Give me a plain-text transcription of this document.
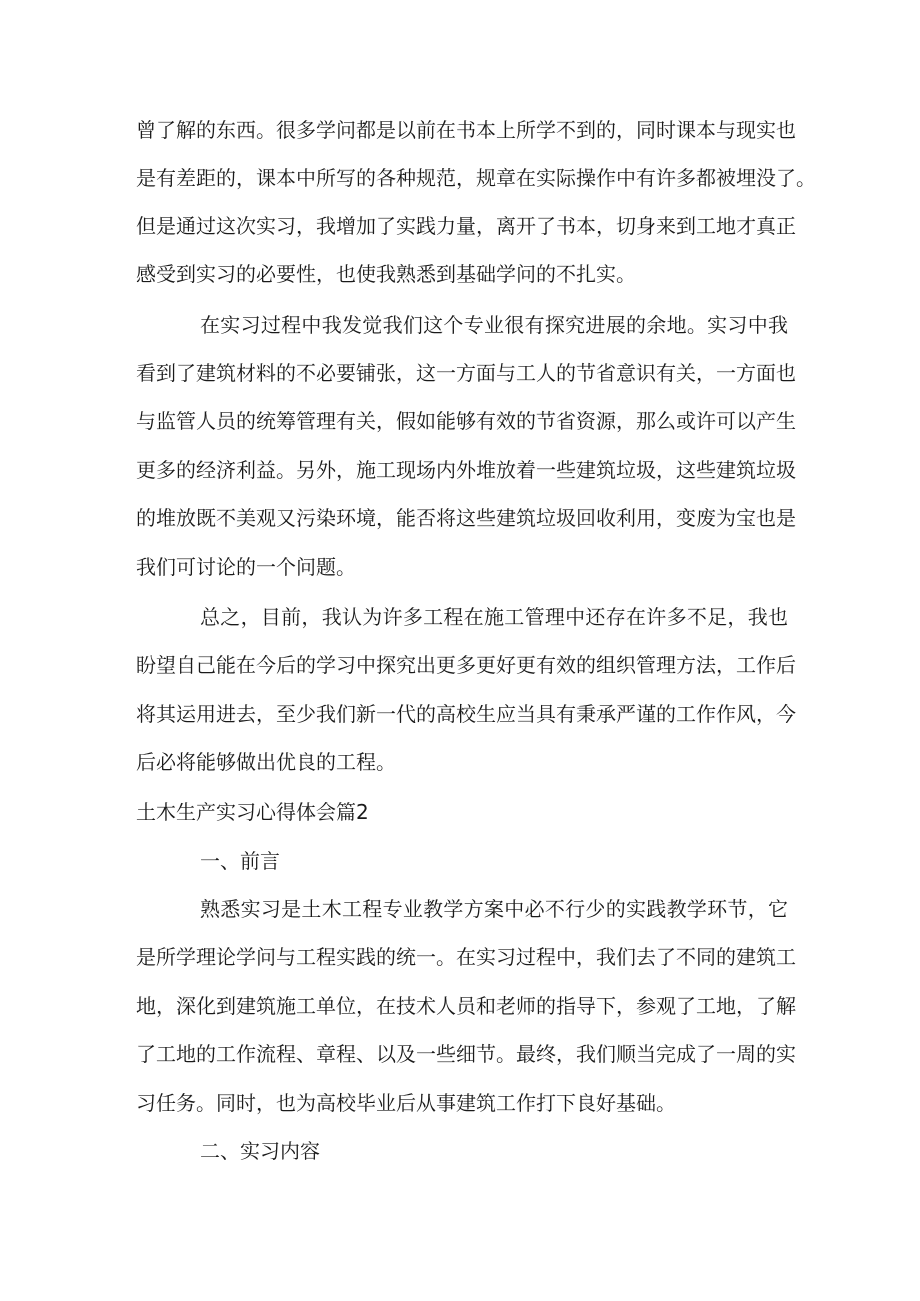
曾了解的东西。很多学问都是以前在书本上所学不到的，同时课本与现实也
是有差距的，课本中所写的各种规范，规章在实际操作中有许多都被埋没了。
但是通过这次实习，我增加了实践力量，离开了书本，切身来到工地才真正
感受到实习的必要性，也使我熟悉到基础学问的不扎实。
在实习过程中我发觉我们这个专业很有探究进展的余地。实习中我
看到了建筑材料的不必要铺张，这一方面与工人的节省意识有关，一方面也
与监管人员的统筹管理有关，假如能够有效的节省资源，那么或许可以产生
更多的经济利益。另外，施工现场内外堆放着一些建筑垃圾，这些建筑垃圾
的堆放既不美观又污染环境，能否将这些建筑垃圾回收利用，变废为宝也是
我们可讨论的一个问题。
总之，目前，我认为许多工程在施工管理中还存在许多不足，我也
盼望自己能在今后的学习中探究出更多更好更有效的组织管理方法，工作后
将其运用进去，至少我们新一代的高校生应当具有秉承严谨的工作作风，今
后必将能够做出优良的工程。
土木生产实习心得体会篇2
一、前言
熟悉实习是土木工程专业教学方案中必不行少的实践教学环节，它
是所学理论学问与工程实践的统一。在实习过程中，我们去了不同的建筑工
地，深化到建筑施工单位，在技术人员和老师的指导下，参观了工地，了解
了工地的工作流程、章程、以及一些细节。最终，我们顺当完成了一周的实
习任务。同时，也为高校毕业后从事建筑工作打下良好基础。
二、实习内容
